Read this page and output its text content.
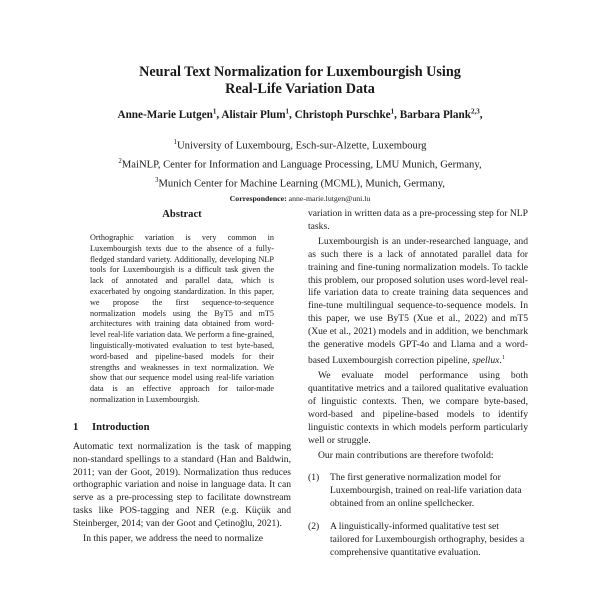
Neural Text Normalization for Luxembourgish Using
Real-Life Variation Data
Anne-Marie Lutgen$^1$, Alistair Plum$^1$, Christoph Purschke$^1$, Barbara Plank$^{2,3}$,
$^1$University of Luxembourg, Esch-sur-Alzette, Luxembourg
$^2$MaiNLP, Center for Information and Language Processing, LMU Munich, Germany,
$^3$Munich Center for Machine Learning (MCML), Munich, Germany,
Correspondence: anne-marie.lutgen@uni.lu
Abstract
Orthographic variation is very common in Luxembourgish texts due to the absence of a fully-fledged standard variety. Additionally, developing NLP tools for Luxembourgish is a difficult task given the lack of annotated and parallel data, which is exacerbated by ongoing standardization. In this paper, we propose the first sequence-to-sequence normalization models using the ByT5 and mT5 architectures with training data obtained from word-level real-life variation data. We perform a fine-grained, linguistically-motivated evaluation to test byte-based, word-based and pipeline-based models for their strengths and weaknesses in text normalization. We show that our sequence model using real-life variation data is an effective approach for tailor-made normalization in Luxembourgish.
1 Introduction

Automatic text normalization is the task of mapping non-standard spellings to a standard (Han and Baldwin, 2011; van der Goot, 2019). Normalization thus reduces orthographic variation and noise in language data. It can serve as a pre-processing step to facilitate downstream tasks like POS-tagging and NER (e.g. Küçük and Steinberger, 2014; van der Goot and Çetinoğlu, 2021).

In this paper, we address the need to normalize

variation in written data as a pre-processing step for NLP tasks.

Luxembourgish is an under-researched language, and as such there is a lack of annotated parallel data for training and fine-tuning normalization models. To tackle this problem, our proposed solution uses word-level real-life variation data to create training data sequences and fine-tune multilingual sequence-to-sequence models. In this paper, we use ByT5 (Xue et al., 2022) and mT5 (Xue et al., 2021) models and in addition, we benchmark the generative models GPT-4o and Llama and a word-based Luxembourgish correction pipeline, spellux.$^1$

We evaluate model performance using both quantitative metrics and a tailored qualitative evaluation of linguistic contexts. Then, we compare byte-based, word-based and pipeline-based models to identify linguistic contexts in which models perform particularly well or struggle.

Our main contributions are therefore twofold:

(1)	The first generative normalization model for Luxembourgish, trained on real-life variation data obtained from an online spellchecker.
(2)	A linguistically-informed qualitative test set tailored for Luxembourgish orthography, besides a comprehensive quantitative evaluation.
